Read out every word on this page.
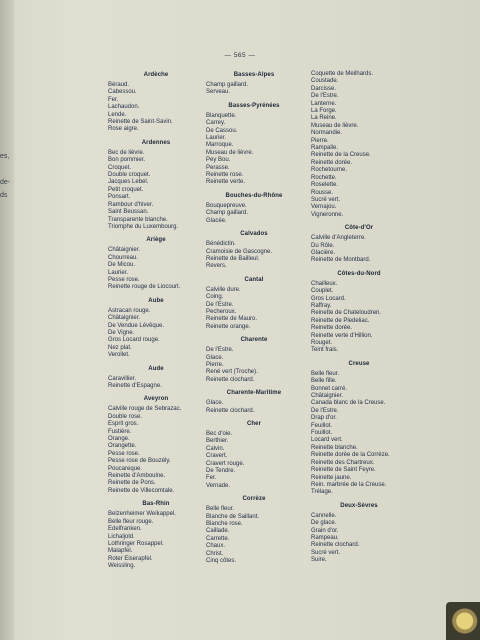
es,
de-
ds
— 565 —
Ardèche
Béraud.
Cabessou.
Fer.
Lachaudon.
Lende.
Reinette de Saint-Savin.
Rose aigre.
Ardennes
Bec de lièvre.
Bon pommier.
Croquet.
Double croquet.
Jacques Lebel.
Petit croquet.
Ponsart.
Rambour d'hiver.
Saint Beussan.
Transparente blanche.
Triomphe du Luxembourg.
Ariège
Châtaignier.
Chourreau.
De Micou.
Laurier.
Pesse rose.
Reinette rouge de Liocourt.
Aube
Astracan rouge.
Châtaignier.
De Vendue Lévêque.
De Vigne.
Gros Locard rouge.
Nez plat.
Verollet.
Aude
Caravillier.
Reinette d'Espagne.
Aveyron
Calville rouge de Sebrazac.
Double rose.
Esprit gros.
Fustière.
Orange.
Orangette.
Pesse rose.
Pesse rose de Bouzély.
Poucareque.
Reinette d'Amboulne.
Reinette de Pons.
Reinette de Villecomtale.
Bas-Rhin
Belzenheimer Weikappel.
Belle fleur rouge.
Edelfranken.
Lichaljold.
Lothringer Rosappel.
Malapfel.
Roter Eiserapfel.
Weissling.
Basses-Alpes
Champ gaillard.
Serveau.
Basses-Pyrénées
Blanquette.
Carrey.
De Cassou.
Laurier.
Marroque.
Museau de lièvre.
Pey Bou.
Perasse.
Reinette rose.
Reinette verte.
Bouches-du-Rhône
Bouquepreuve.
Champ gaillard.
Glacée.
Calvados
Bénédictin.
Cramoisie de Gascogne.
Reinette de Bailleul.
Revers.
Cantal
Calville dure.
Coing.
De l'Estre.
Pecheroux.
Reinette de Mauro.
Reinette orange.
Charente
De l'Estre.
Glace.
Pierre.
René vert (Troche).
Reinette clochard.
Charente-Maritime
Glace.
Reinette clochard.
Cher
Bec d'oie.
Berthier.
Calvin.
Cravert.
Cravert rouge.
De Tendre.
Fer.
Vernade.
Corrèze
Belle fleur.
Blanche de Saillant.
Blanche rose.
Caillade.
Carrette.
Chaux.
Christ.
Cinq côtes.
Coquette de Meilhards.
Coustade.
Darcisse.
De l'Estre.
Lanterne.
La Forge.
La Reine.
Museau de lièvre.
Normandie.
Pierre.
Rampalle.
Reinette de la Creuse.
Reinette dorée.
Rochetourne.
Rochette.
Roselette.
Rousse.
Sucré vert.
Vernajou.
Vigneronne.
Côte-d'Or
Calville d'Angleterre.
Du Rôle.
Glacière.
Reinette de Montbard.
Côtes-du-Nord
Chailleux.
Couplet.
Gros Locard.
Raffray.
Reinette de Chateloudren.
Reinette de Pledeliac.
Reinette dorée.
Reinette verte d'Hillion.
Rouget.
Teint frais.
Creuse
Belle fleur.
Belle fille.
Bonnet carré.
Châtaignier.
Canada blanc de la Creuse.
De l'Estre.
Drap d'or.
Feuillot.
Fouillot.
Locard vert.
Reinette blanche.
Reinette dorée de la Corrèze.
Reinette des Chartreux.
Reinette de Saint Feyre.
Reinette jaune.
Rein. marbrée de la Creuse.
Trélage.
Deux-Sèvres
Cannelle.
De glace.
Grain d'or.
Rampeau.
Reinette clochard.
Sucré vert.
Suire.
